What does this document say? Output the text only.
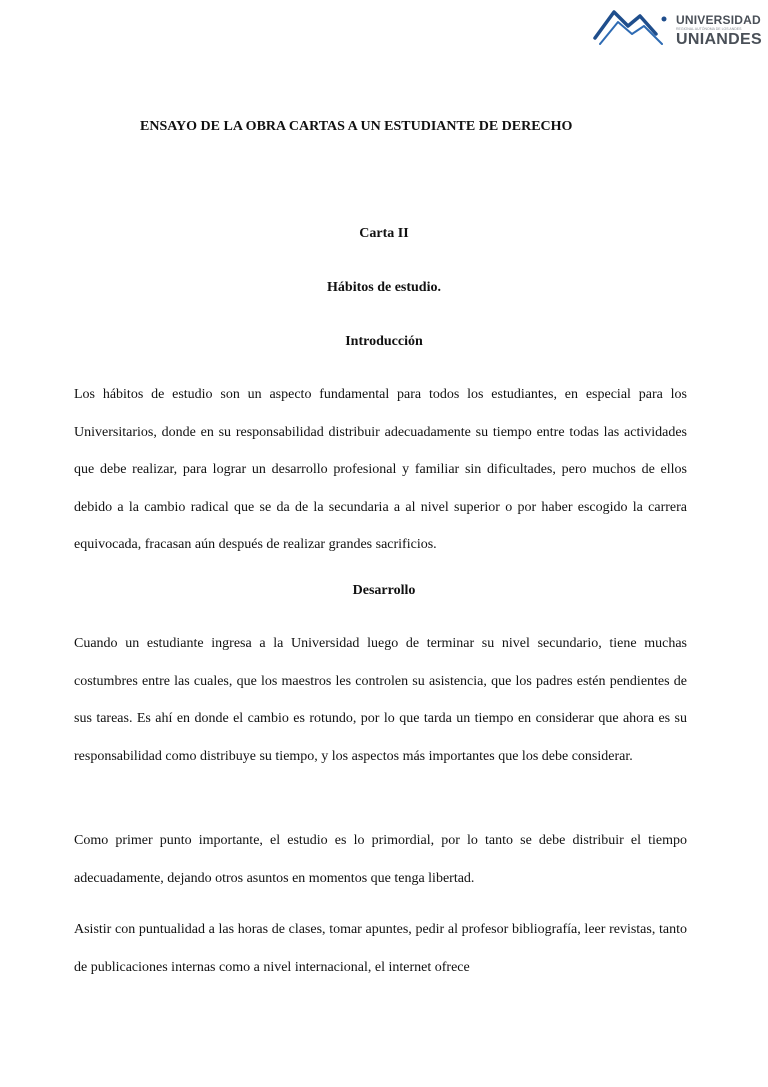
UNIVERSIDAD
REGIONAL AUTÓNOMA DE LOS ANDES
UNIANDES
ENSAYO DE LA OBRA CARTAS A UN ESTUDIANTE DE DERECHO
Carta II
Hábitos de estudio.
Introducción

Los hábitos de estudio son un aspecto fundamental para todos los estudiantes, en especial para los Universitarios, donde en su responsabilidad distribuir adecuadamente su tiempo entre todas las actividades que debe realizar, para lograr un desarrollo profesional y familiar sin dificultades, pero muchos de ellos debido a la cambio radical que se da de la secundaria a al nivel superior o por haber escogido la carrera equivocada, fracasan aún después de realizar grandes sacrificios.

Desarrollo

Cuando un estudiante ingresa a la Universidad luego de terminar su nivel secundario, tiene muchas costumbres entre las cuales, que los maestros les controlen su asistencia, que los padres estén pendientes de sus tareas. Es ahí en donde el cambio es rotundo, por lo que tarda un tiempo en considerar que ahora es su responsabilidad como distribuye su tiempo, y los aspectos más importantes que los debe considerar.

Como primer punto importante, el estudio es lo primordial, por lo tanto se debe distribuir el tiempo adecuadamente, dejando otros asuntos en momentos que tenga libertad.

Asistir con puntualidad a las horas de clases, tomar apuntes, pedir al profesor bibliografía, leer revistas, tanto de publicaciones internas como a nivel internacional, el internet ofrece
